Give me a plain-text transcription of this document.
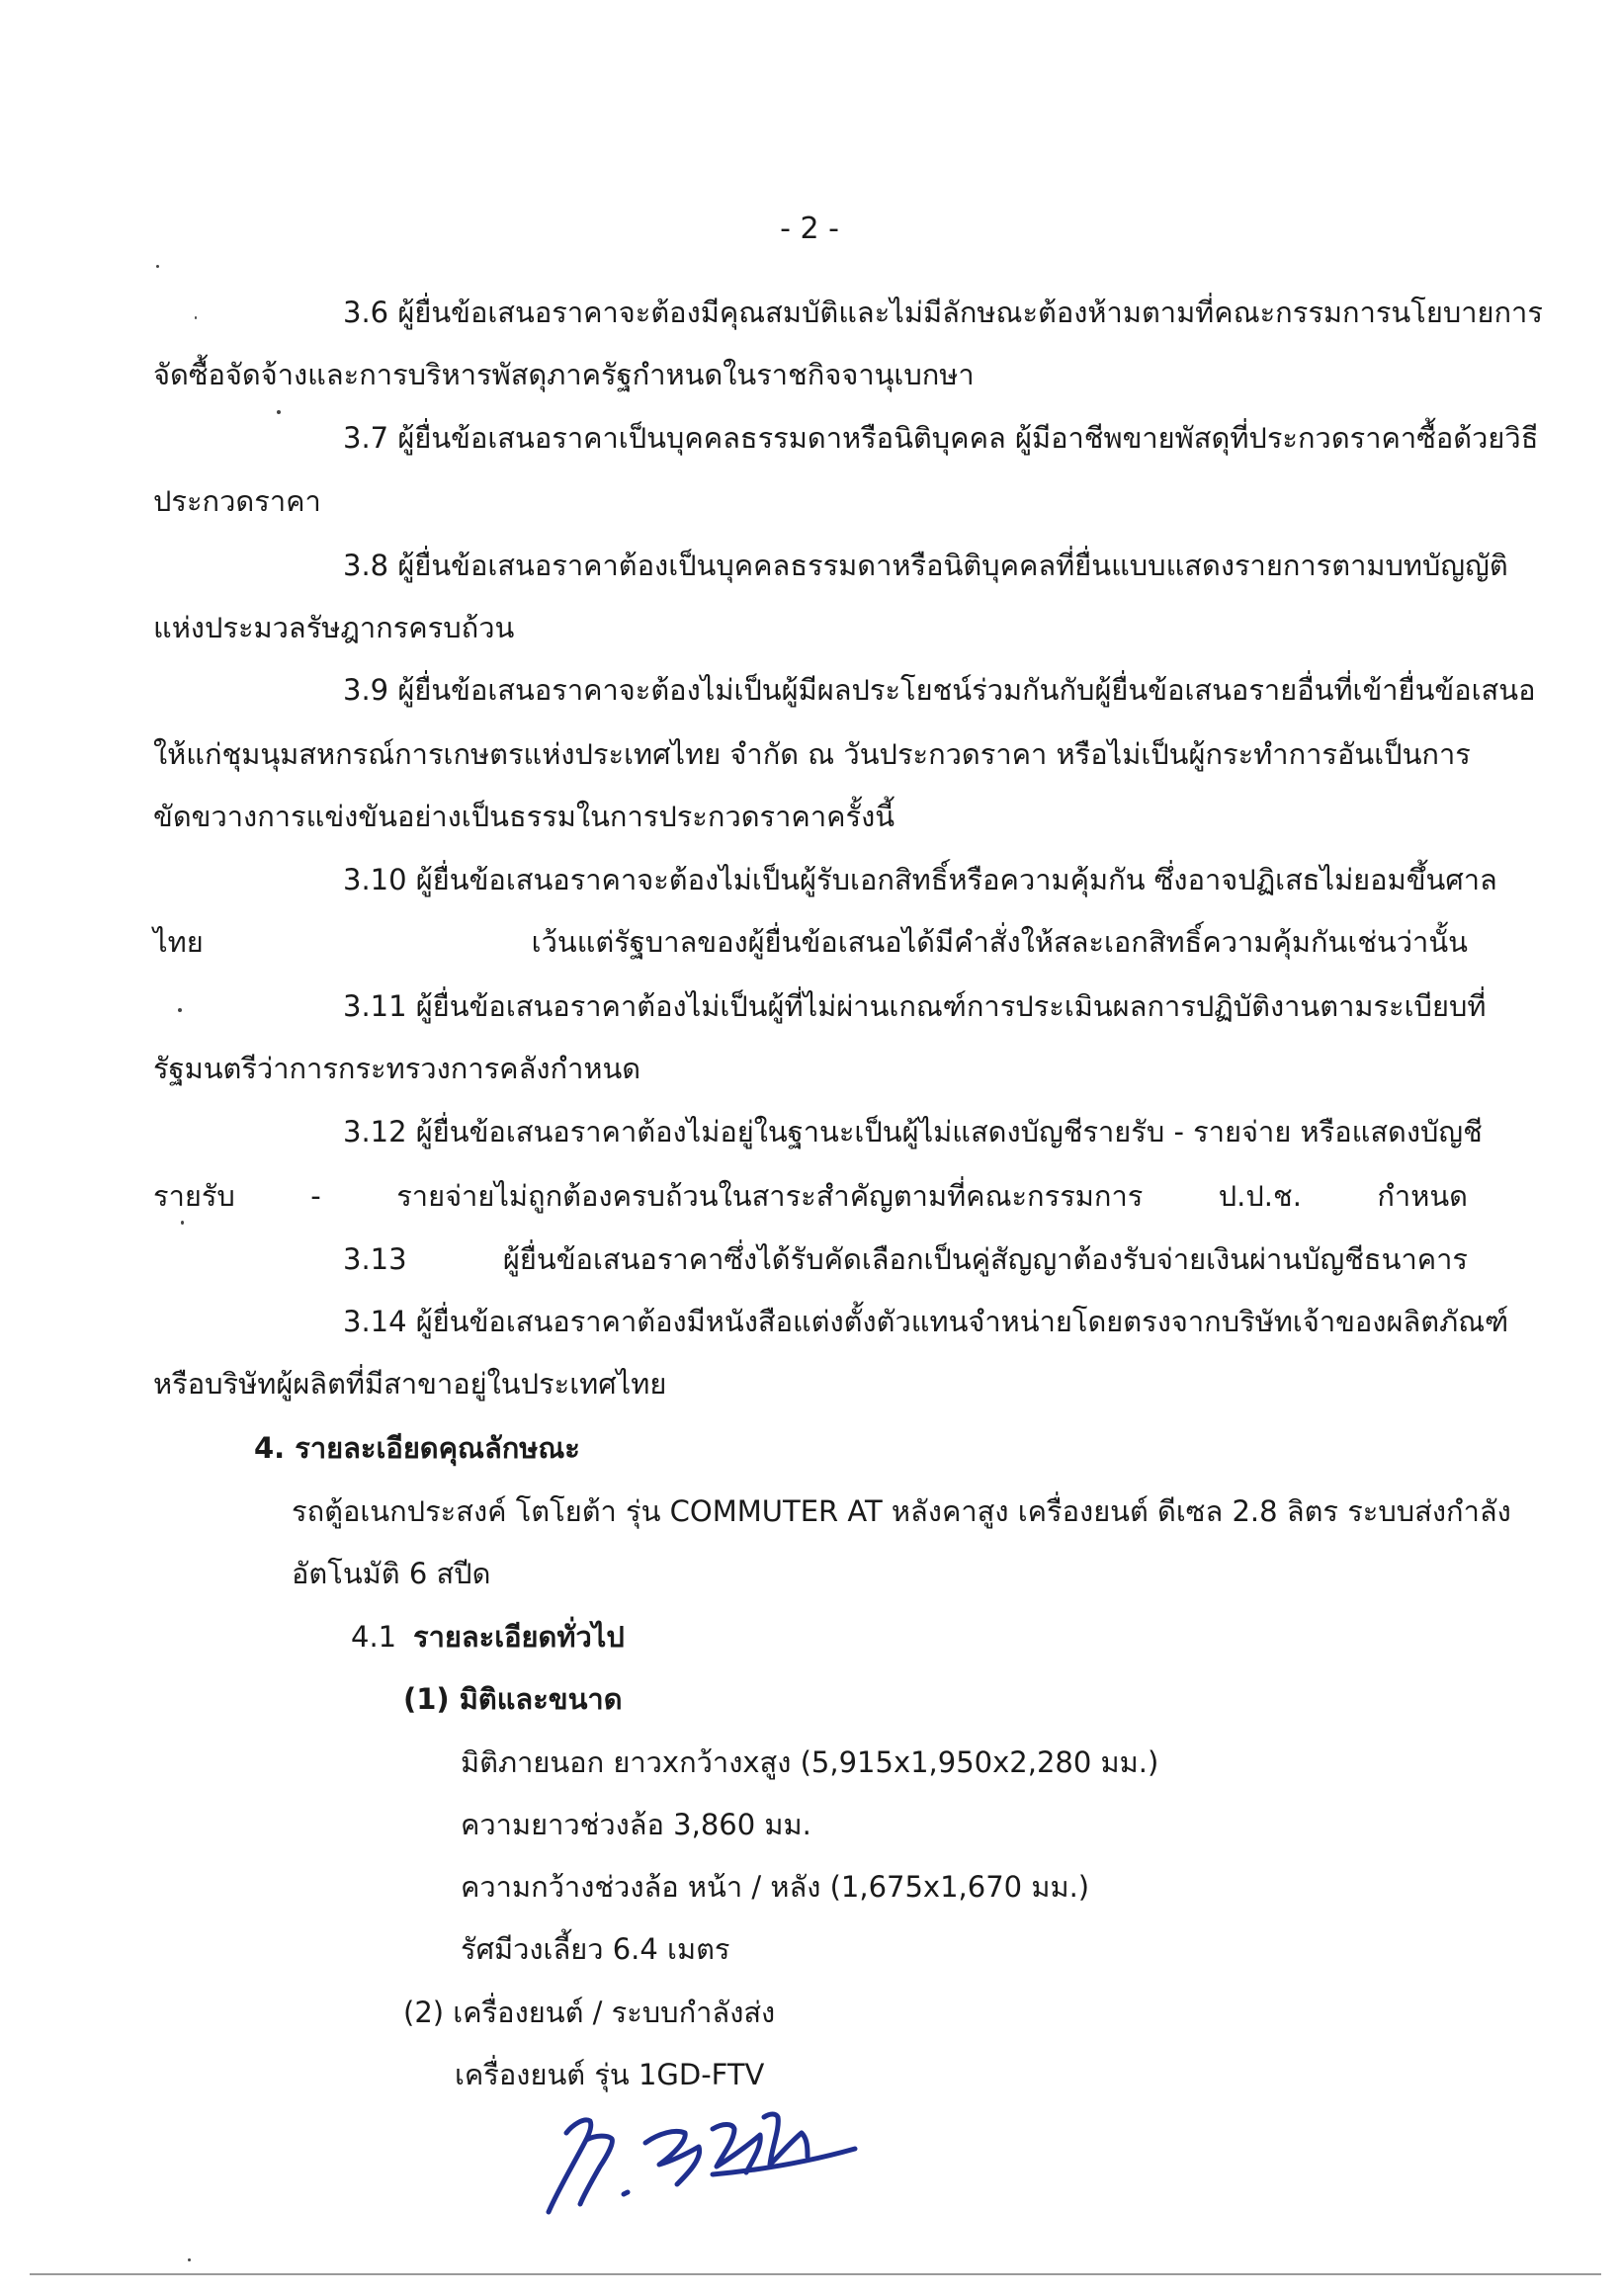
- 2 -
3.6 ผู้ยื่นข้อเสนอราคาจะต้องมีคุณสมบัติและไม่มีลักษณะต้องห้ามตามที่คณะกรรมการนโยบายการ
จัดซื้อจัดจ้างและการบริหารพัสดุภาครัฐกำหนดในราชกิจจานุเบกษา
3.7 ผู้ยื่นข้อเสนอราคาเป็นบุคคลธรรมดาหรือนิติบุคคล ผู้มีอาชีพขายพัสดุที่ประกวดราคาซื้อด้วยวิธี
ประกวดราคา
3.8 ผู้ยื่นข้อเสนอราคาต้องเป็นบุคคลธรรมดาหรือนิติบุคคลที่ยื่นแบบแสดงรายการตามบทบัญญัติ
แห่งประมวลรัษฎากรครบถ้วน
3.9 ผู้ยื่นข้อเสนอราคาจะต้องไม่เป็นผู้มีผลประโยชน์ร่วมกันกับผู้ยื่นข้อเสนอรายอื่นที่เข้ายื่นข้อเสนอ
ให้แก่ชุมนุมสหกรณ์การเกษตรแห่งประเทศไทย จำกัด ณ วันประกวดราคา หรือไม่เป็นผู้กระทำการอันเป็นการ
ขัดขวางการแข่งขันอย่างเป็นธรรมในการประกวดราคาครั้งนี้
3.10 ผู้ยื่นข้อเสนอราคาจะต้องไม่เป็นผู้รับเอกสิทธิ์หรือความคุ้มกัน ซึ่งอาจปฏิเสธไม่ยอมขึ้นศาล
ไทย เว้นแต่รัฐบาลของผู้ยื่นข้อเสนอได้มีคำสั่งให้สละเอกสิทธิ์ความคุ้มกันเช่นว่านั้น
3.11 ผู้ยื่นข้อเสนอราคาต้องไม่เป็นผู้ที่ไม่ผ่านเกณฑ์การประเมินผลการปฏิบัติงานตามระเบียบที่
รัฐมนตรีว่าการกระทรวงการคลังกำหนด
3.12 ผู้ยื่นข้อเสนอราคาต้องไม่อยู่ในฐานะเป็นผู้ไม่แสดงบัญชีรายรับ - รายจ่าย หรือแสดงบัญชี
รายรับ - รายจ่ายไม่ถูกต้องครบถ้วนในสาระสำคัญตามที่คณะกรรมการ ป.ป.ช. กำหนด
3.13 ผู้ยื่นข้อเสนอราคาซึ่งได้รับคัดเลือกเป็นคู่สัญญาต้องรับจ่ายเงินผ่านบัญชีธนาคาร
3.14 ผู้ยื่นข้อเสนอราคาต้องมีหนังสือแต่งตั้งตัวแทนจำหน่ายโดยตรงจากบริษัทเจ้าของผลิตภัณฑ์
หรือบริษัทผู้ผลิตที่มีสาขาอยู่ในประเทศไทย
4. รายละเอียดคุณลักษณะ
รถตู้อเนกประสงค์ โตโยต้า รุ่น COMMUTER AT หลังคาสูง เครื่องยนต์ ดีเซล 2.8 ลิตร ระบบส่งกำลัง
อัตโนมัติ 6 สปีด
4.1 รายละเอียดทั่วไป
(1) มิติและขนาด
มิติภายนอก ยาวxกว้างxสูง (5,915x1,950x2,280 มม.)
ความยาวช่วงล้อ 3,860 มม.
ความกว้างช่วงล้อ หน้า / หลัง (1,675x1,670 มม.)
รัศมีวงเลี้ยว 6.4 เมตร
(2) เครื่องยนต์ / ระบบกำลังส่ง
เครื่องยนต์ รุ่น 1GD-FTV
